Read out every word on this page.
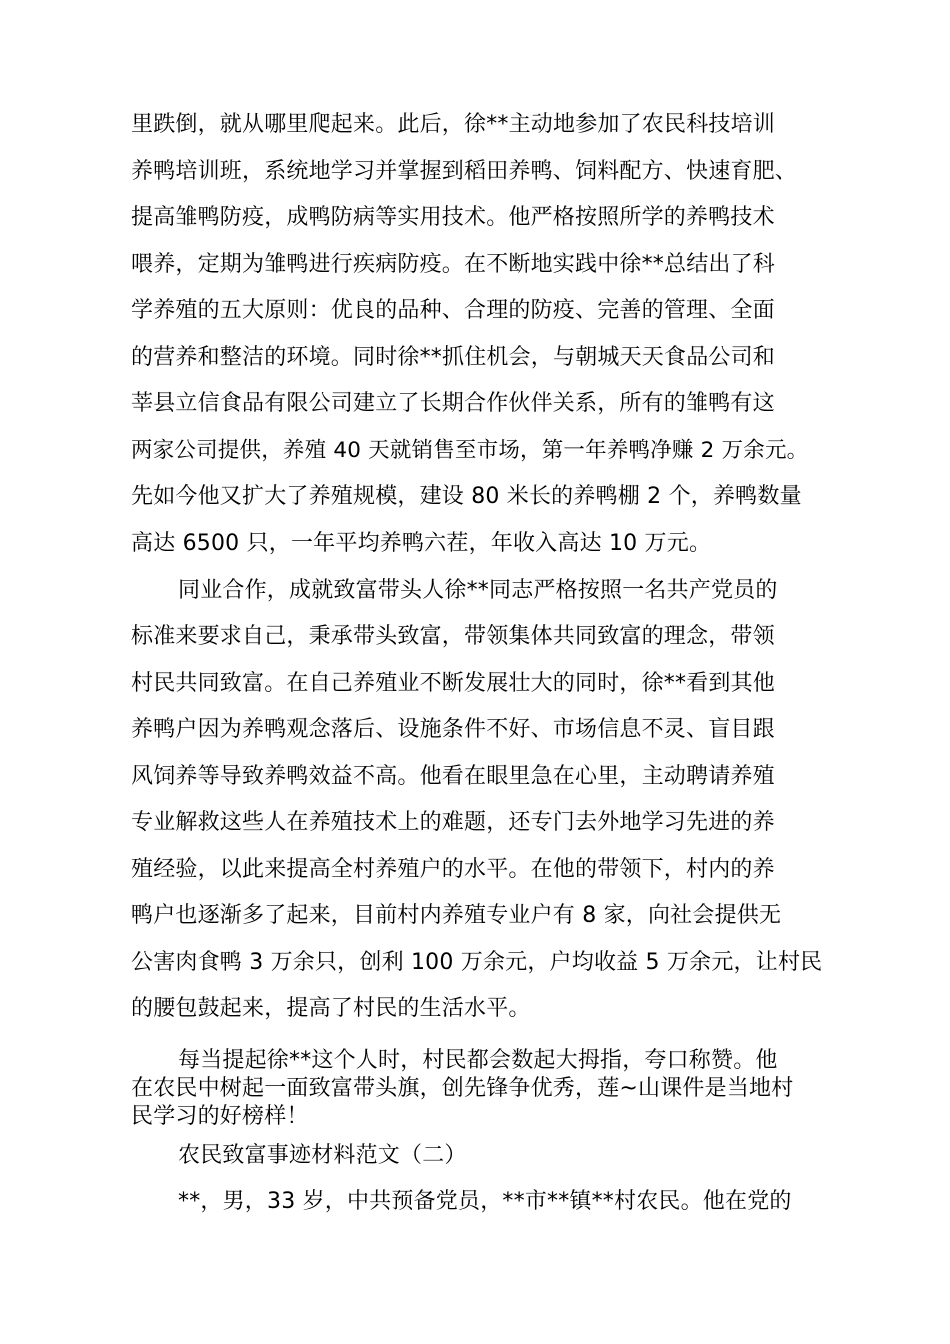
里跌倒，就从哪里爬起来。此后，徐**主动地参加了农民科技培训

养鸭培训班，系统地学习并掌握到稻田养鸭、饲料配方、快速育肥、

提高雏鸭防疫，成鸭防病等实用技术。他严格按照所学的养鸭技术

喂养，定期为雏鸭进行疾病防疫。在不断地实践中徐**总结出了科

学养殖的五大原则：优良的品种、合理的防疫、完善的管理、全面

的营养和整洁的环境。同时徐**抓住机会，与朝城天天食品公司和

莘县立信食品有限公司建立了长期合作伙伴关系，所有的雏鸭有这

两家公司提供，养殖 40 天就销售至市场，第一年养鸭净赚 2 万余元。

先如今他又扩大了养殖规模，建设 80 米长的养鸭棚 2 个，养鸭数量

高达 6500 只，一年平均养鸭六茬，年收入高达 10 万元。

同业合作，成就致富带头人徐**同志严格按照一名共产党员的

标准来要求自己，秉承带头致富，带领集体共同致富的理念，带领

村民共同致富。在自己养殖业不断发展壮大的同时，徐**看到其他

养鸭户因为养鸭观念落后、设施条件不好、市场信息不灵、盲目跟

风饲养等导致养鸭效益不高。他看在眼里急在心里，主动聘请养殖

专业解救这些人在养殖技术上的难题，还专门去外地学习先进的养

殖经验，以此来提高全村养殖户的水平。在他的带领下，村内的养

鸭户也逐渐多了起来，目前村内养殖专业户有 8 家，向社会提供无

公害肉食鸭 3 万余只，创利 100 万余元，户均收益 5 万余元，让村民

的腰包鼓起来，提高了村民的生活水平。

每当提起徐**这个人时，村民都会数起大拇指，夸口称赞。他

在农民中树起一面致富带头旗，创先锋争优秀，莲~山课件是当地村

民学习的好榜样！

农民致富事迹材料范文（二）

**，男，33 岁，中共预备党员，**市**镇**村农民。他在党的
